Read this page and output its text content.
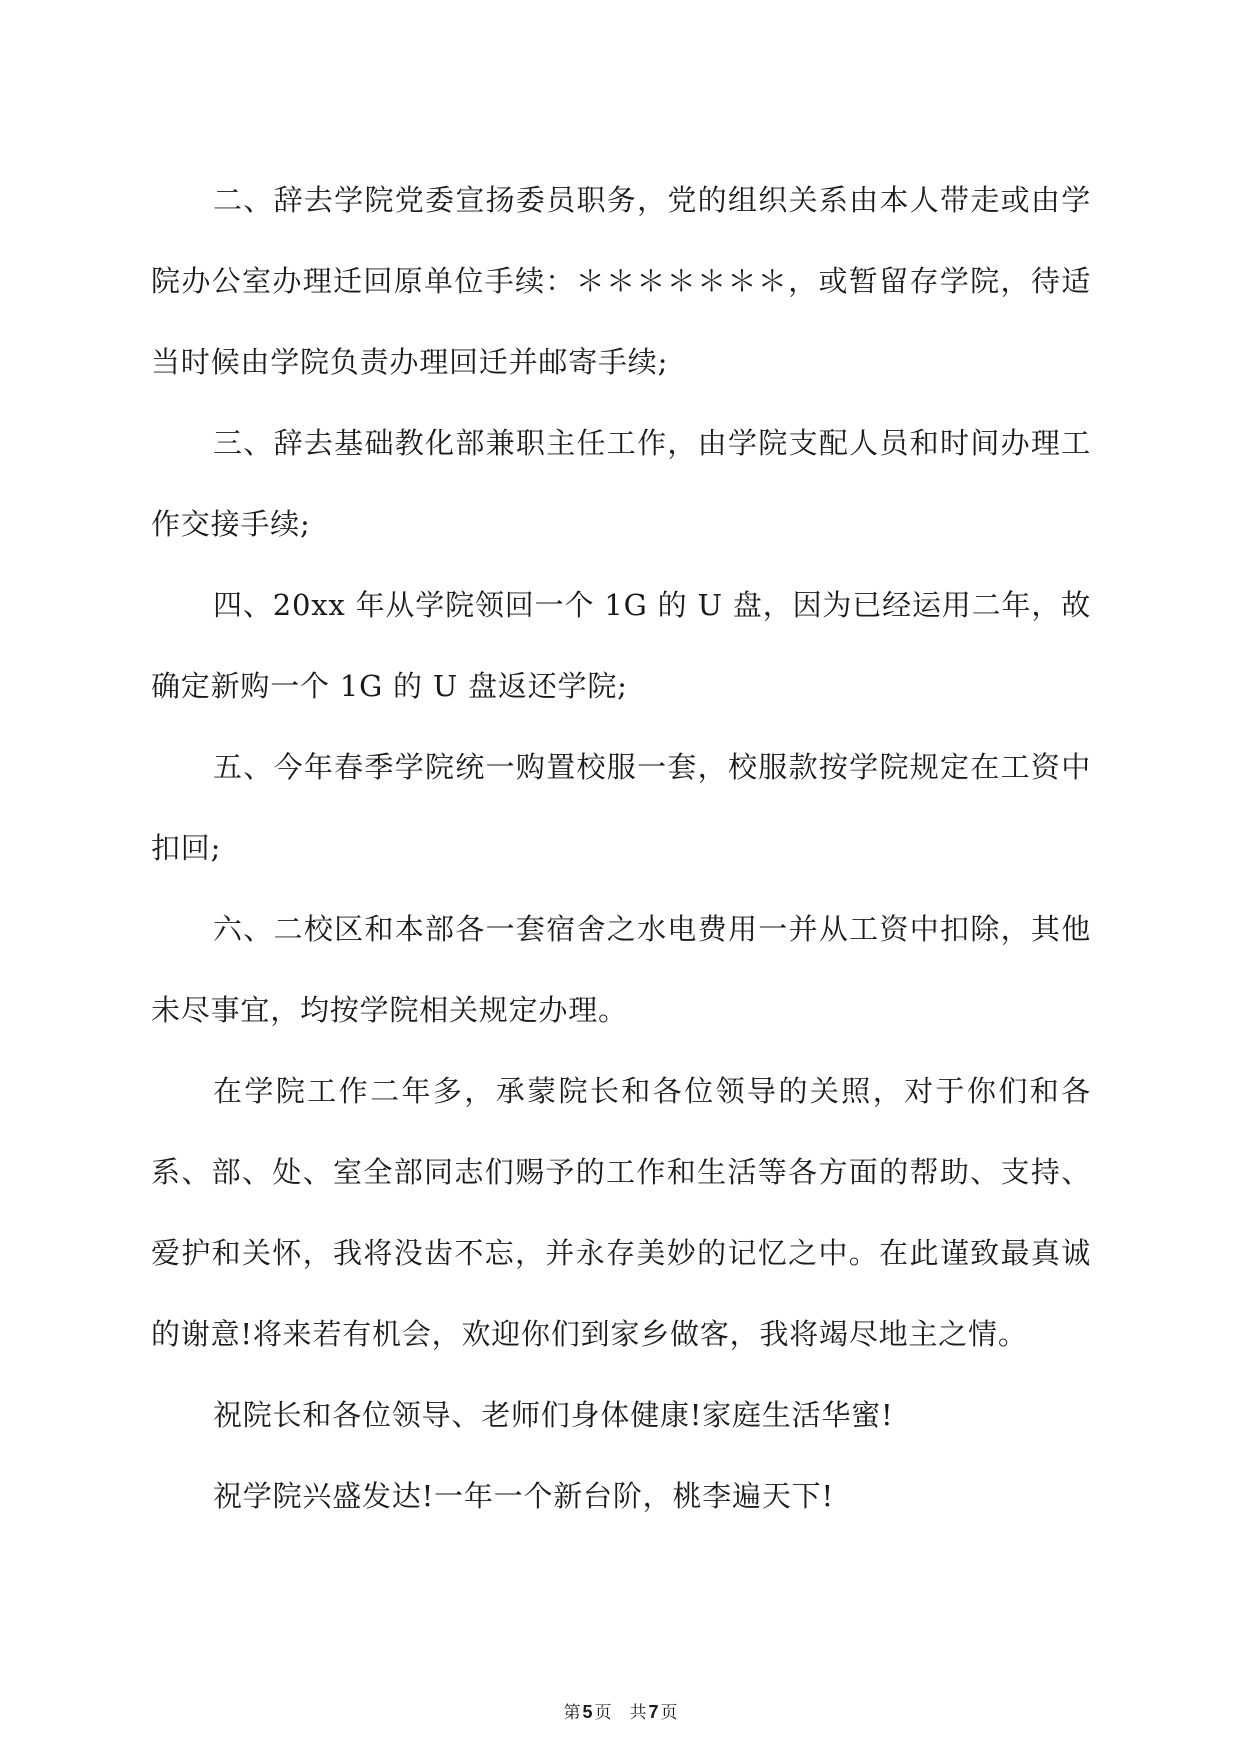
二、辞去学院党委宣扬委员职务，党的组织关系由本人带走或由学院办公室办理迁回原单位手续：＊＊＊＊＊＊＊，或暂留存学院，待适当时候由学院负责办理回迁并邮寄手续;

三、辞去基础教化部兼职主任工作，由学院支配人员和时间办理工作交接手续;

四、20xx 年从学院领回一个 1G 的 U 盘，因为已经运用二年，故确定新购一个 1G 的 U 盘返还学院;

五、今年春季学院统一购置校服一套，校服款按学院规定在工资中扣回;

六、二校区和本部各一套宿舍之水电费用一并从工资中扣除，其他未尽事宜，均按学院相关规定办理。

在学院工作二年多，承蒙院长和各位领导的关照，对于你们和各系、部、处、室全部同志们赐予的工作和生活等各方面的帮助、支持、爱护和关怀，我将没齿不忘，并永存美妙的记忆之中。在此谨致最真诚的谢意!将来若有机会，欢迎你们到家乡做客，我将竭尽地主之情。

祝院长和各位领导、老师们身体健康!家庭生活华蜜!

祝学院兴盛发达!一年一个新台阶，桃李遍天下!

第 5 页 共 7 页
